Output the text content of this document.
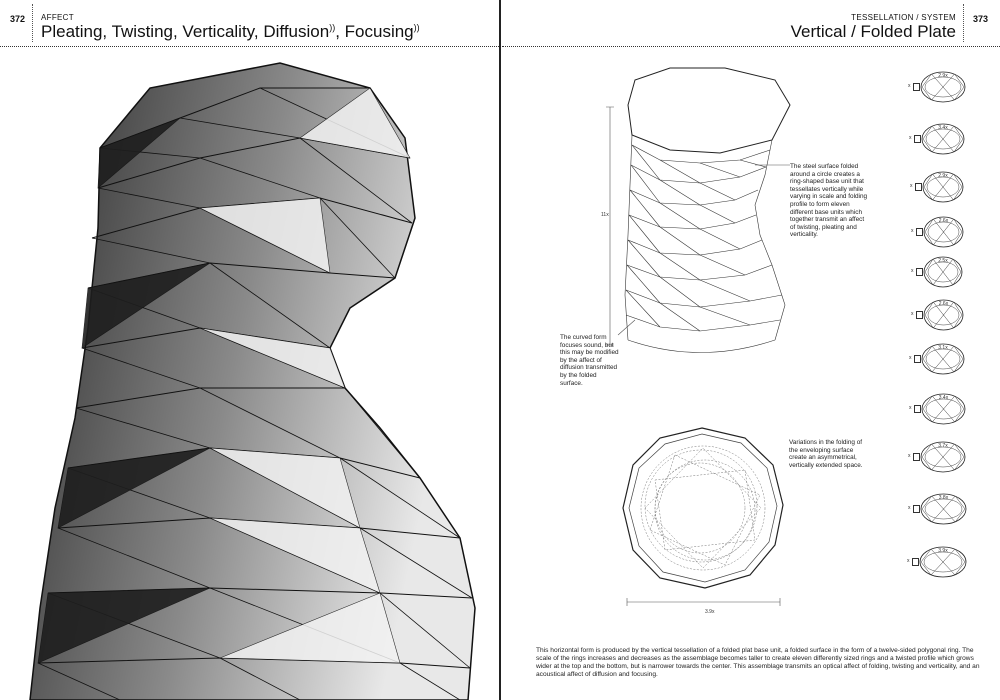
372 AFFECT
Pleating, Twisting, Verticality, Diffusion)), Focusing))
TESSELLATION / SYSTEM
Vertical / Folded Plate
373
11x
The steel surface folded around a circle creates a ring-shaped base unit that tessellates vertically while varying in scale and folding profile to form eleven different base units which together transmit an affect of twisting, pleating and verticality.
The curved form focuses sound, but this may be modified by the affect of diffusion transmitted by the folded surface.
Variations in the folding of the enveloping surface create an asymmetrical, vertically extended space.
3.9x
2.9x
3.4x
2.9x
2.6x
2.5x
2.6x
3.1x
3.4x
3.7x
3.8x
3.9x
This horizontal form is produced by the vertical tessellation of a folded plat base unit, a folded surface in the form of a twelve-sided polygonal ring. The scale of the rings increases and decreases as the assemblage becomes taller to create eleven differently sized rings and a twisted profile which grows wider at the top and the bottom, but is narrower towards the center. This assemblage transmits an optical affect of folding, twisting and verticality, and an acoustical affect of diffusion and focusing.
x
x
x
x
x
x
x
x
x
x
x
